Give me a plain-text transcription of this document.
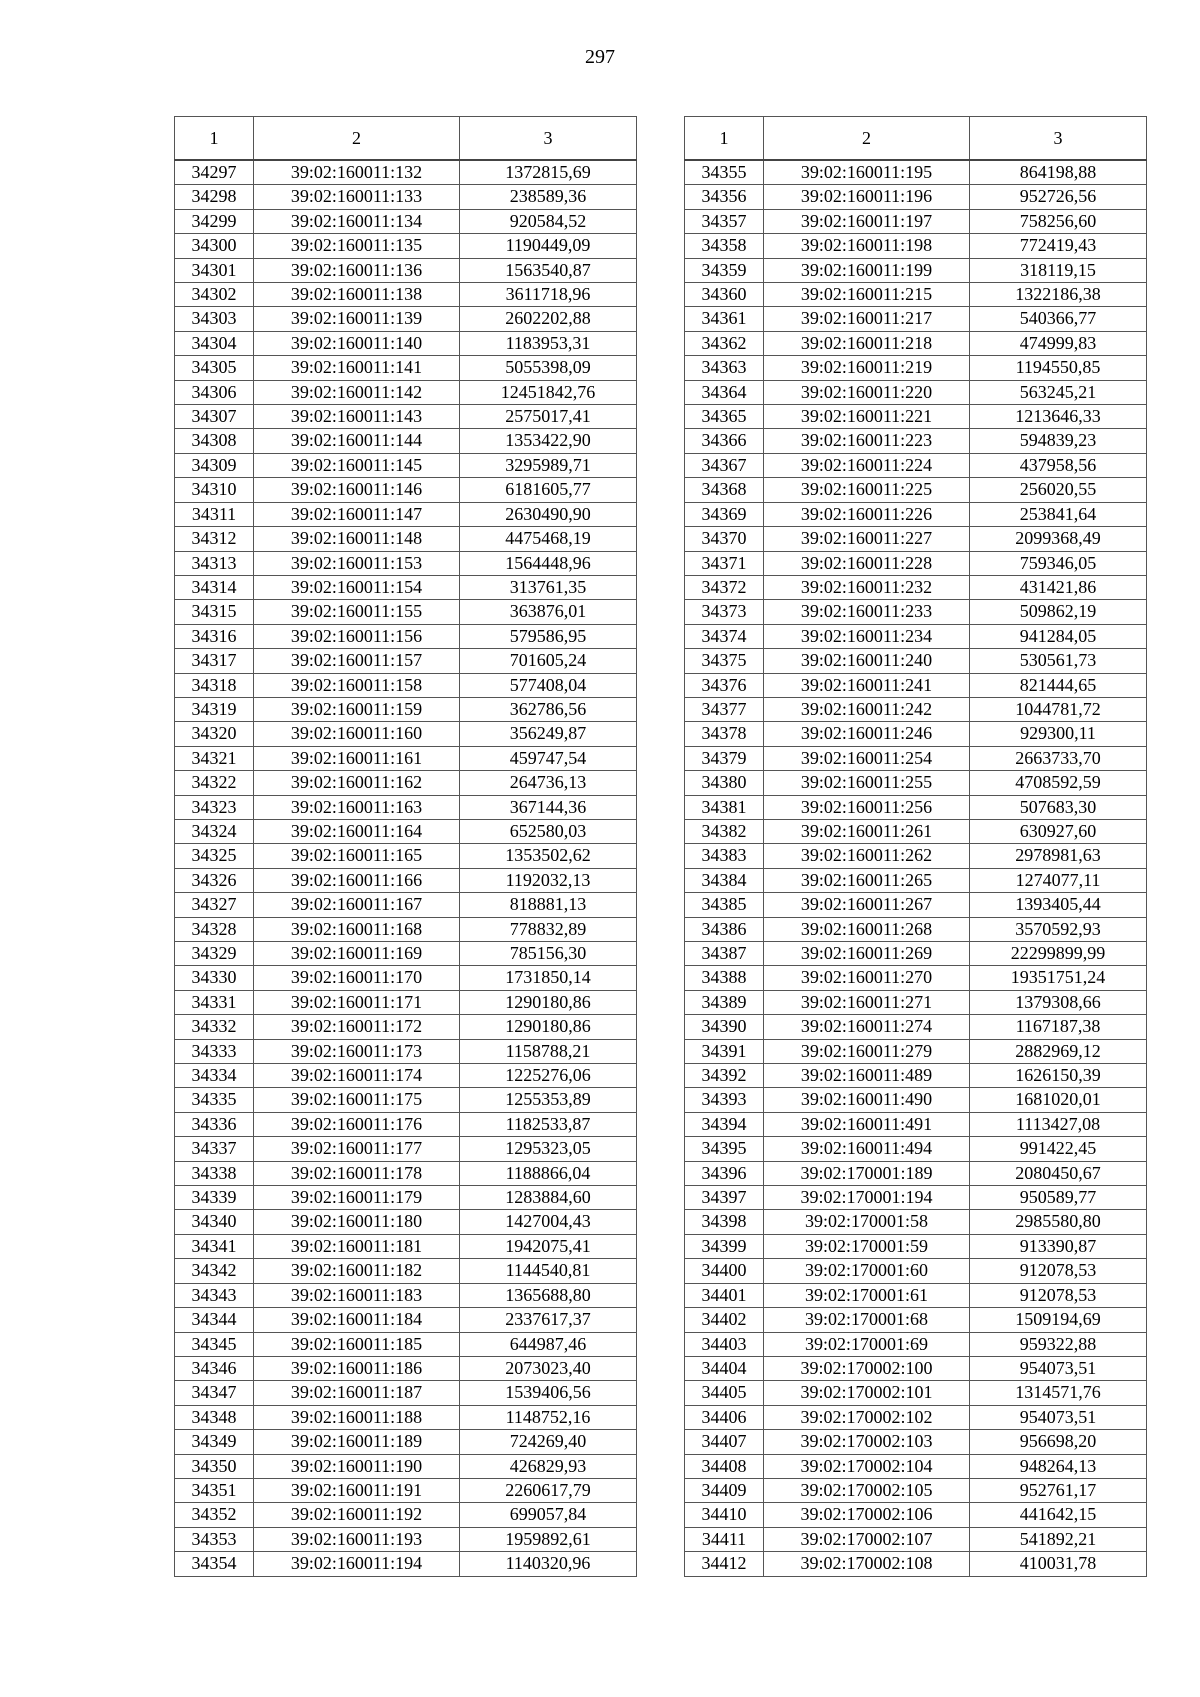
297
1	2	3
34297	39:02:160011:132	1372815,69
34298	39:02:160011:133	238589,36
34299	39:02:160011:134	920584,52
34300	39:02:160011:135	1190449,09
34301	39:02:160011:136	1563540,87
34302	39:02:160011:138	3611718,96
34303	39:02:160011:139	2602202,88
34304	39:02:160011:140	1183953,31
34305	39:02:160011:141	5055398,09
34306	39:02:160011:142	12451842,76
34307	39:02:160011:143	2575017,41
34308	39:02:160011:144	1353422,90
34309	39:02:160011:145	3295989,71
34310	39:02:160011:146	6181605,77
34311	39:02:160011:147	2630490,90
34312	39:02:160011:148	4475468,19
34313	39:02:160011:153	1564448,96
34314	39:02:160011:154	313761,35
34315	39:02:160011:155	363876,01
34316	39:02:160011:156	579586,95
34317	39:02:160011:157	701605,24
34318	39:02:160011:158	577408,04
34319	39:02:160011:159	362786,56
34320	39:02:160011:160	356249,87
34321	39:02:160011:161	459747,54
34322	39:02:160011:162	264736,13
34323	39:02:160011:163	367144,36
34324	39:02:160011:164	652580,03
34325	39:02:160011:165	1353502,62
34326	39:02:160011:166	1192032,13
34327	39:02:160011:167	818881,13
34328	39:02:160011:168	778832,89
34329	39:02:160011:169	785156,30
34330	39:02:160011:170	1731850,14
34331	39:02:160011:171	1290180,86
34332	39:02:160011:172	1290180,86
34333	39:02:160011:173	1158788,21
34334	39:02:160011:174	1225276,06
34335	39:02:160011:175	1255353,89
34336	39:02:160011:176	1182533,87
34337	39:02:160011:177	1295323,05
34338	39:02:160011:178	1188866,04
34339	39:02:160011:179	1283884,60
34340	39:02:160011:180	1427004,43
34341	39:02:160011:181	1942075,41
34342	39:02:160011:182	1144540,81
34343	39:02:160011:183	1365688,80
34344	39:02:160011:184	2337617,37
34345	39:02:160011:185	644987,46
34346	39:02:160011:186	2073023,40
34347	39:02:160011:187	1539406,56
34348	39:02:160011:188	1148752,16
34349	39:02:160011:189	724269,40
34350	39:02:160011:190	426829,93
34351	39:02:160011:191	2260617,79
34352	39:02:160011:192	699057,84
34353	39:02:160011:193	1959892,61
34354	39:02:160011:194	1140320,96
1	2	3
34355	39:02:160011:195	864198,88
34356	39:02:160011:196	952726,56
34357	39:02:160011:197	758256,60
34358	39:02:160011:198	772419,43
34359	39:02:160011:199	318119,15
34360	39:02:160011:215	1322186,38
34361	39:02:160011:217	540366,77
34362	39:02:160011:218	474999,83
34363	39:02:160011:219	1194550,85
34364	39:02:160011:220	563245,21
34365	39:02:160011:221	1213646,33
34366	39:02:160011:223	594839,23
34367	39:02:160011:224	437958,56
34368	39:02:160011:225	256020,55
34369	39:02:160011:226	253841,64
34370	39:02:160011:227	2099368,49
34371	39:02:160011:228	759346,05
34372	39:02:160011:232	431421,86
34373	39:02:160011:233	509862,19
34374	39:02:160011:234	941284,05
34375	39:02:160011:240	530561,73
34376	39:02:160011:241	821444,65
34377	39:02:160011:242	1044781,72
34378	39:02:160011:246	929300,11
34379	39:02:160011:254	2663733,70
34380	39:02:160011:255	4708592,59
34381	39:02:160011:256	507683,30
34382	39:02:160011:261	630927,60
34383	39:02:160011:262	2978981,63
34384	39:02:160011:265	1274077,11
34385	39:02:160011:267	1393405,44
34386	39:02:160011:268	3570592,93
34387	39:02:160011:269	22299899,99
34388	39:02:160011:270	19351751,24
34389	39:02:160011:271	1379308,66
34390	39:02:160011:274	1167187,38
34391	39:02:160011:279	2882969,12
34392	39:02:160011:489	1626150,39
34393	39:02:160011:490	1681020,01
34394	39:02:160011:491	1113427,08
34395	39:02:160011:494	991422,45
34396	39:02:170001:189	2080450,67
34397	39:02:170001:194	950589,77
34398	39:02:170001:58	2985580,80
34399	39:02:170001:59	913390,87
34400	39:02:170001:60	912078,53
34401	39:02:170001:61	912078,53
34402	39:02:170001:68	1509194,69
34403	39:02:170001:69	959322,88
34404	39:02:170002:100	954073,51
34405	39:02:170002:101	1314571,76
34406	39:02:170002:102	954073,51
34407	39:02:170002:103	956698,20
34408	39:02:170002:104	948264,13
34409	39:02:170002:105	952761,17
34410	39:02:170002:106	441642,15
34411	39:02:170002:107	541892,21
34412	39:02:170002:108	410031,78
